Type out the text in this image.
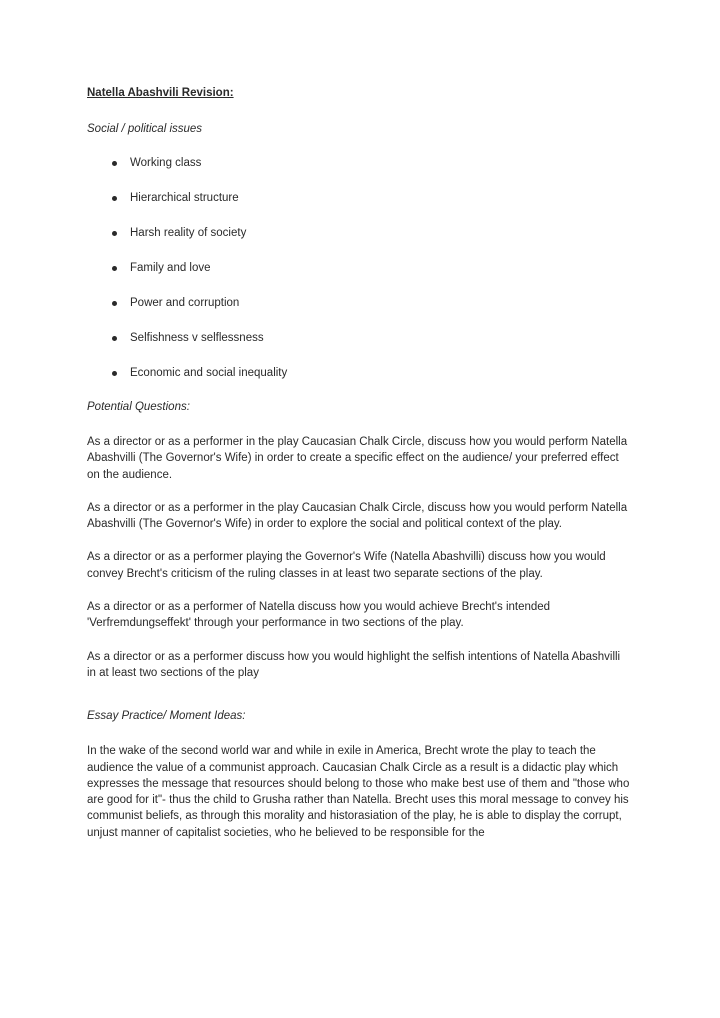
Natella Abashvili Revision:
Social / political issues
Working class
Hierarchical structure
Harsh reality of society
Family and love
Power and corruption
Selfishness v selflessness
Economic and social inequality
Potential Questions:

As a director or as a performer in the play Caucasian Chalk Circle, discuss how you would perform Natella Abashvilli (The Governor's Wife) in order to create a specific effect on the audience/ your preferred effect on the audience.

As a director or as a performer in the play Caucasian Chalk Circle, discuss how you would perform Natella Abashvilli (The Governor's Wife) in order to explore the social and political context of the play.

As a director or as a performer playing the Governor's Wife (Natella Abashvilli) discuss how you would convey Brecht's criticism of the ruling classes in at least two separate sections of the play.

As a director or as a performer of Natella discuss how you would achieve Brecht's intended 'Verfremdungseffekt' through your performance in two sections of the play.

As a director or as a performer discuss how you would highlight the selfish intentions of Natella Abashvilli in at least two sections of the play

Essay Practice/ Moment Ideas:

In the wake of the second world war and while in exile in America, Brecht wrote the play to teach the audience the value of a communist approach. Caucasian Chalk Circle as a result is a didactic play which expresses the message that resources should belong to those who make best use of them and "those who are good for it"- thus the child to Grusha rather than Natella. Brecht uses this moral message to convey his communist beliefs, as through this morality and historasiation of the play, he is able to display the corrupt, unjust manner of capitalist societies, who he believed to be responsible for the
